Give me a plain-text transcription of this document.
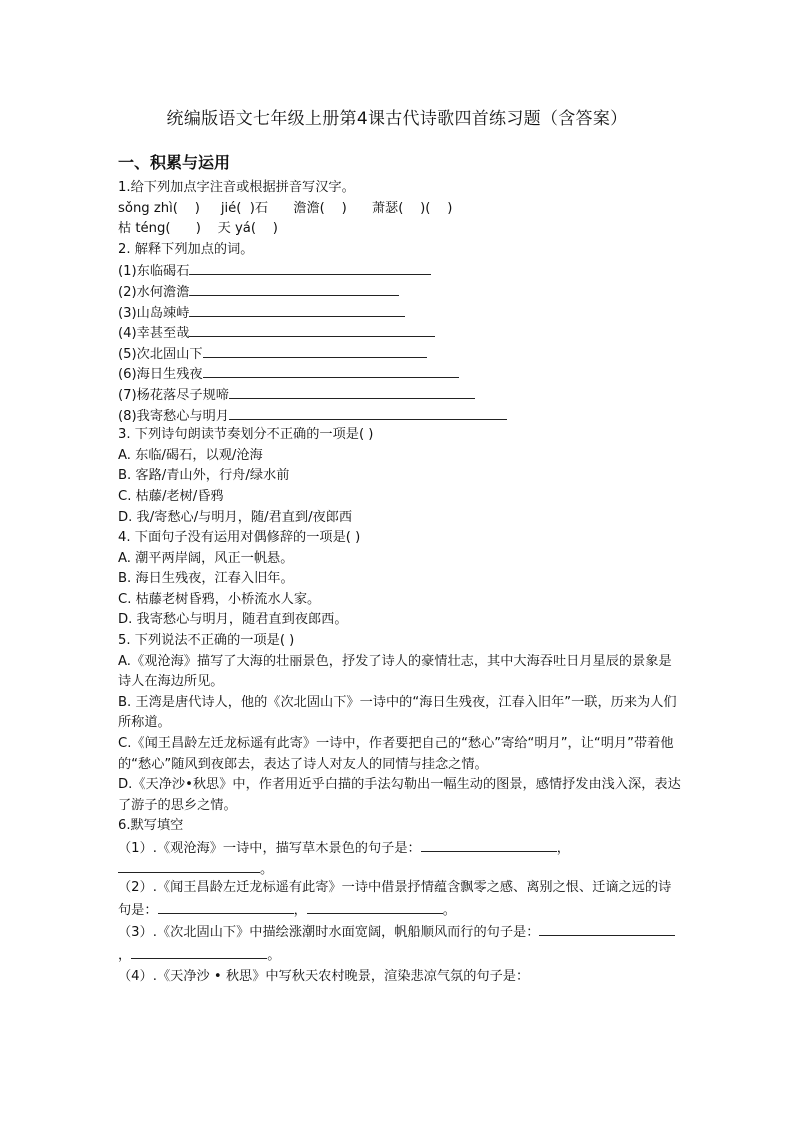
统编版语文七年级上册第4课古代诗歌四首练习题（含答案）
一、积累与运用
1.给下列加点字注音或根据拼音写汉字。
sǒng zhì(    )     jié(  )石      澹澹(    )      萧瑟(    )(    )
枯 téng(      )    天 yá(    )
2. 解释下列加点的词。
(1)东临碣石
(2)水何澹澹
(3)山岛竦峙
(4)幸甚至哉
(5)次北固山下
(6)海日生残夜
(7)杨花落尽子规啼
(8)我寄愁心与明月
3. 下列诗句朗读节奏划分不正确的一项是( )
A. 东临/碣石，以观/沧海
B. 客路/青山外，行舟/绿水前
C. 枯藤/老树/昏鸦
D. 我/寄愁心/与明月，随/君直到/夜郎西
4. 下面句子没有运用对偶修辞的一项是( )
A. 潮平两岸阔，风正一帆悬。
B. 海日生残夜，江春入旧年。
C. 枯藤老树昏鸦，小桥流水人家。
D. 我寄愁心与明月，随君直到夜郎西。
5. 下列说法不正确的一项是( )
A.《观沧海》描写了大海的壮丽景色，抒发了诗人的豪情壮志，其中大海吞吐日月星辰的景象是诗人在海边所见。
B. 王湾是唐代诗人，他的《次北固山下》一诗中的“海日生残夜，江春入旧年”一联，历来为人们所称道。
C.《闻王昌龄左迁龙标遥有此寄》一诗中，作者要把自己的“愁心”寄给“明月”，让“明月”带着他的“愁心”随风到夜郎去，表达了诗人对友人的同情与挂念之情。
D.《天净沙•秋思》中，作者用近乎白描的手法勾勒出一幅生动的图景，感情抒发由浅入深，表达了游子的思乡之情。
6.默写填空
（1）.《观沧海》一诗中，描写草木景色的句子是：	，
。
（2）.《闻王昌龄左迁龙标遥有此寄》一诗中借景抒情蕴含飘零之感、离别之恨、迁谪之远的诗句是：	，	。
（3）.《次北固山下》中描绘涨潮时水面宽阔，帆船顺风而行的句子是：，	。
（4）.《天净沙 • 秋思》中写秋天农村晚景，渲染悲凉气氛的句子是：
